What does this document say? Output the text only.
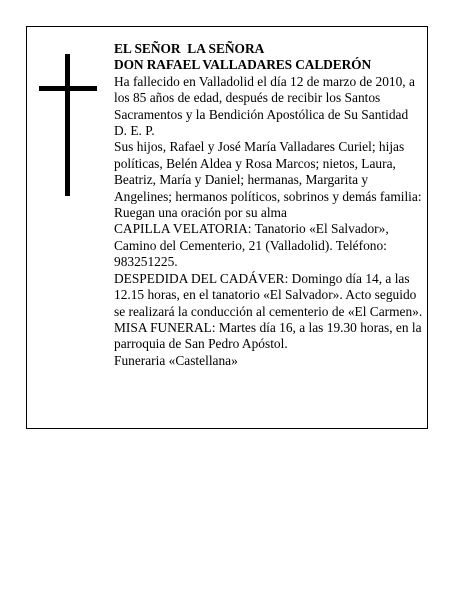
EL SEÑOR  LA SEÑORA

DON RAFAEL VALLADARES CALDERÓN

Ha fallecido en Valladolid el día 12 de marzo de 2010, a los 85 años de edad, después de recibir los Santos Sacramentos y la Bendición Apostólica de Su Santidad

D. E. P.

Sus hijos, Rafael y José María Valladares Curiel; hijas políticas, Belén Aldea y Rosa Marcos; nietos, Laura, Beatriz, María y Daniel; hermanas, Margarita y Angelines; hermanos políticos, sobrinos y demás familia:

Ruegan una oración por su alma

CAPILLA VELATORIA: Tanatorio «El Salvador», Camino del Cementerio, 21 (Valladolid). Teléfono: 983251225.

DESPEDIDA DEL CADÁVER: Domingo día 14, a las 12.15 horas, en el tanatorio «El Salvador». Acto seguido se realizará la conducción al cementerio de «El Carmen».

MISA FUNERAL: Martes día 16, a las 19.30 horas, en la parroquia de San Pedro Apóstol.

Funeraria «Castellana»
